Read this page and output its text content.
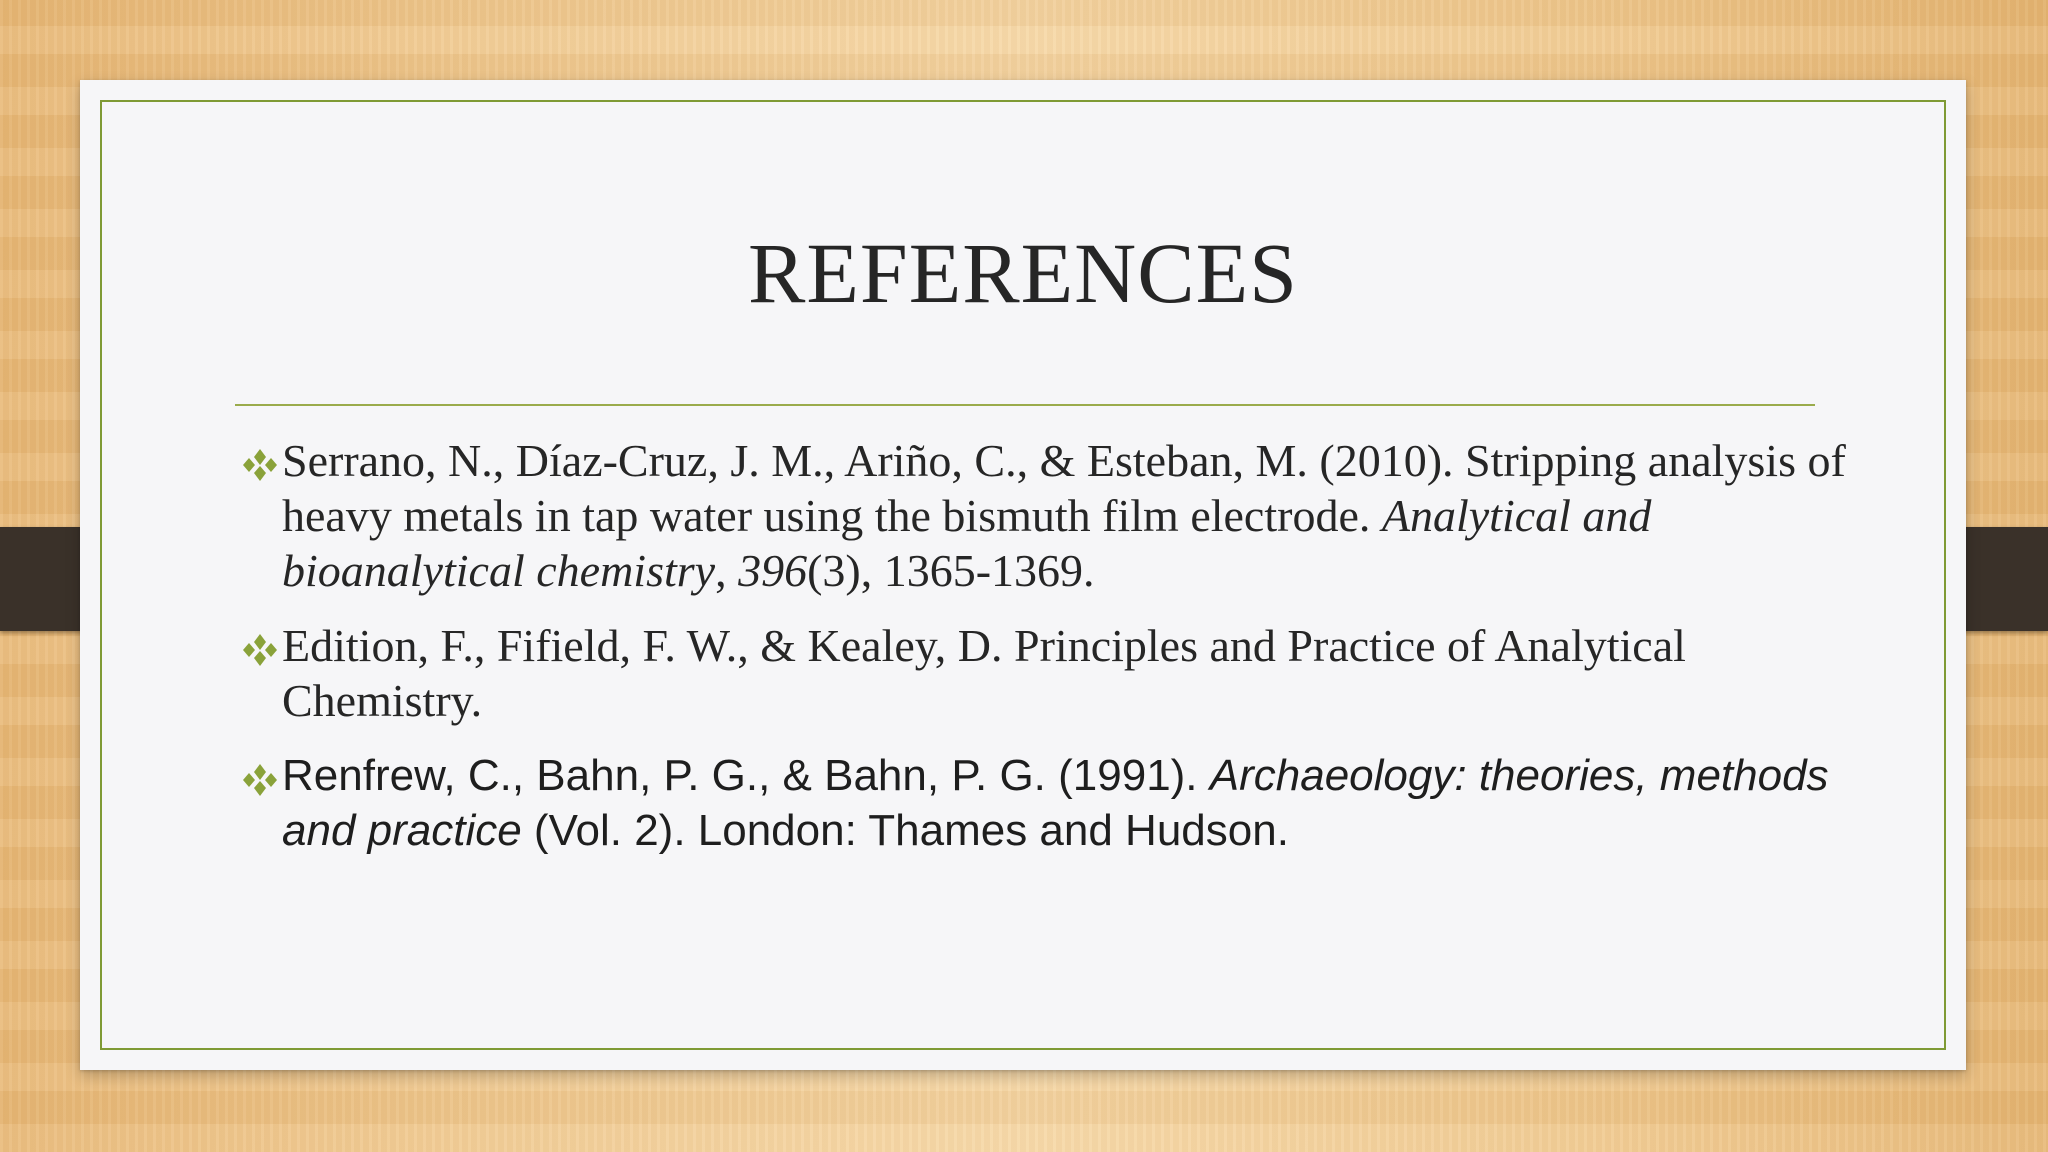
REFERENCES
Serrano, N., Díaz-Cruz, J. M., Ariño, C., & Esteban, M. (2010). Stripping analysis of heavy metals in tap water using the bismuth film electrode. Analytical and bioanalytical chemistry, 396(3), 1365-1369.
Edition, F., Fifield, F. W., & Kealey, D. Principles and Practice of Analytical Chemistry.
Renfrew, C., Bahn, P. G., & Bahn, P. G. (1991). Archaeology: theories, methods and practice (Vol. 2). London: Thames and Hudson.
